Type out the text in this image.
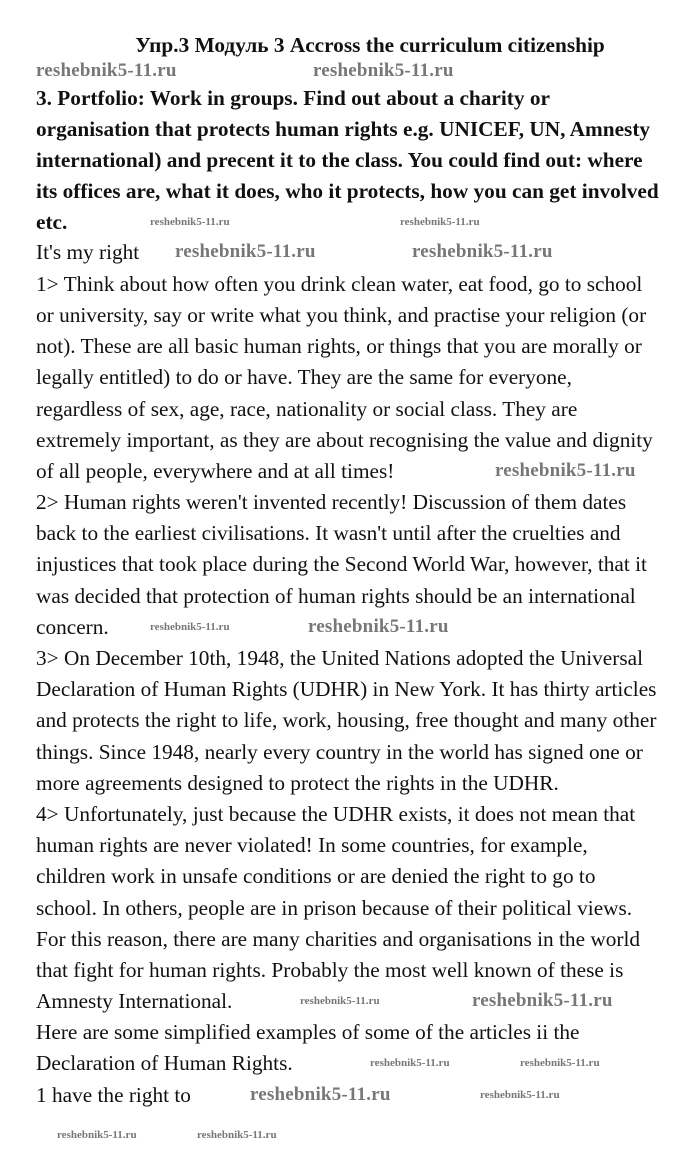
Упр.3 Модуль 3 Accross the curriculum citizenship
3. Portfolio: Work in groups. Find out about a charity or
organisation that protects human rights e.g. UNICEF, UN, Amnesty
international) and precent it to the class. You could find out: where
its offices are, what it does, who it protects, how you can get involved
etc.
It's my right
1> Think about how often you drink clean water, eat food, go to school
or university, say or write what you think, and practise your religion (or
not). These are all basic human rights, or things that you are morally or
legally entitled) to do or have. They are the same for everyone,
regardless of sex, age, race, nationality or social class. They are
extremely important, as they are about recognising the value and dignity
of all people, everywhere and at all times!
2> Human rights weren't invented recently! Discussion of them dates
back to the earliest civilisations. It wasn't until after the cruelties and
injustices that took place during the Second World War, however, that it
was decided that protection of human rights should be an international
concern.
3> On December 10th, 1948, the United Nations adopted the Universal
Declaration of Human Rights (UDHR) in New York. It has thirty articles
and protects the right to life, work, housing, free thought and many other
things. Since 1948, nearly every country in the world has signed one or
more agreements designed to protect the rights in the UDHR.
4> Unfortunately, just because the UDHR exists, it does not mean that
human rights are never violated! In some countries, for example,
children work in unsafe conditions or are denied the right to go to
school. In others, people are in prison because of their political views.
For this reason, there are many charities and organisations in the world
that fight for human rights. Probably the most well known of these is
Amnesty International.
Here are some simplified examples of some of the articles ii the
Declaration of Human Rights.
1 have the right to
reshebnik5-11.ru	reshebnik5-11.ru
reshebnik5-11.ru	reshebnik5-11.ru
reshebnik5-11.ru
reshebnik5-11.ru
reshebnik5-11.ru
reshebnik5-11.ru
reshebnik5-11.ru	reshebnik5-11.ru
reshebnik5-11.ru
reshebnik5-11.ru
reshebnik5-11.ru	reshebnik5-11.ru
reshebnik5-11.ru
reshebnik5-11.ru	reshebnik5-11.ru
